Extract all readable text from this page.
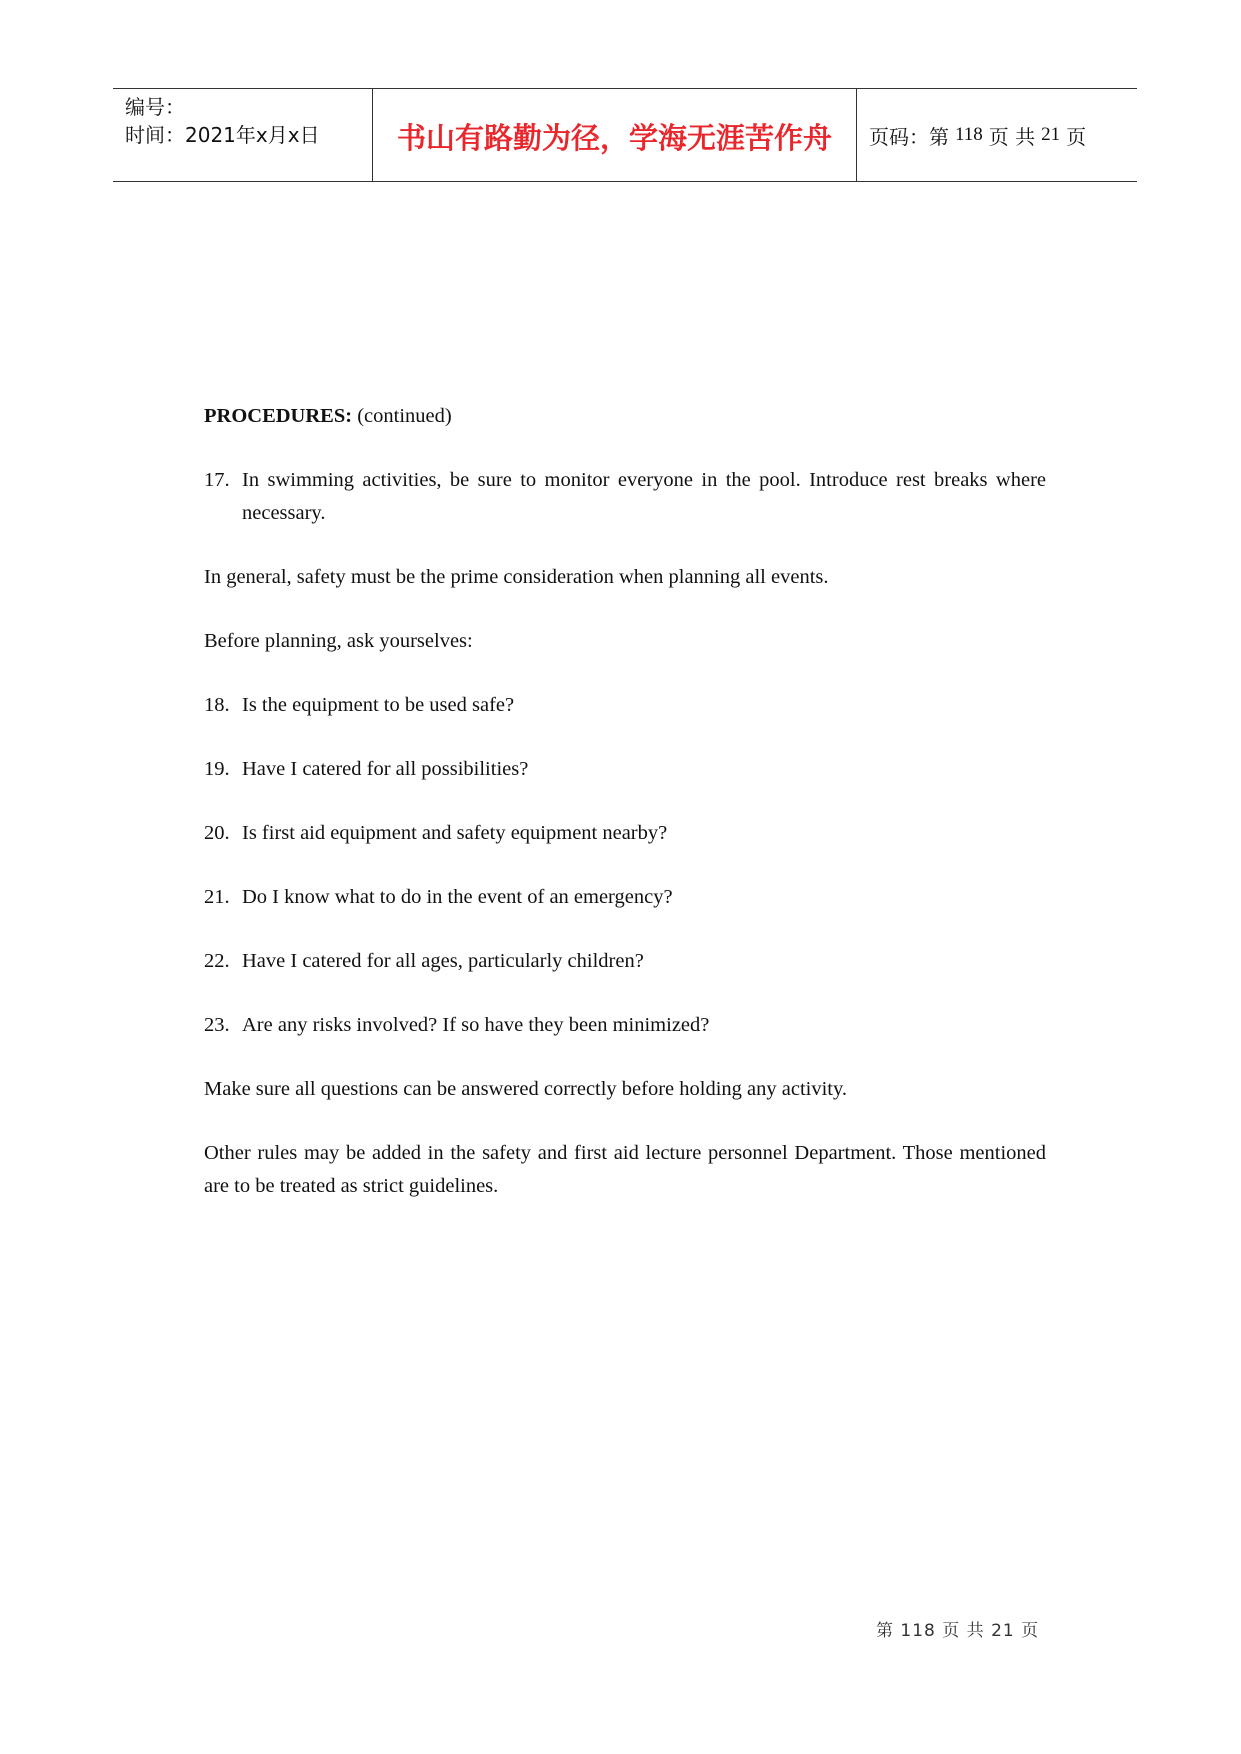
编号：
时间：2021年x月x日	书山有路勤为径，学海无涯苦作舟 页码：第 118 页 共 21 页

PROCEDURES: (continued)

17. In swimming activities, be sure to monitor everyone in the pool. Introduce rest breaks where necessary.

In general, safety must be the prime consideration when planning all events.

Before planning, ask yourselves:

18. Is the equipment to be used safe?
19. Have I catered for all possibilities?
20. Is first aid equipment and safety equipment nearby?
21. Do I know what to do in the event of an emergency?
22. Have I catered for all ages, particularly children?
23. Are any risks involved? If so have they been minimized?

Make sure all questions can be answered correctly before holding any activity.

Other rules may be added in the safety and first aid lecture personnel Department. Those mentioned are to be treated as strict guidelines.

第 118 页 共 21 页
